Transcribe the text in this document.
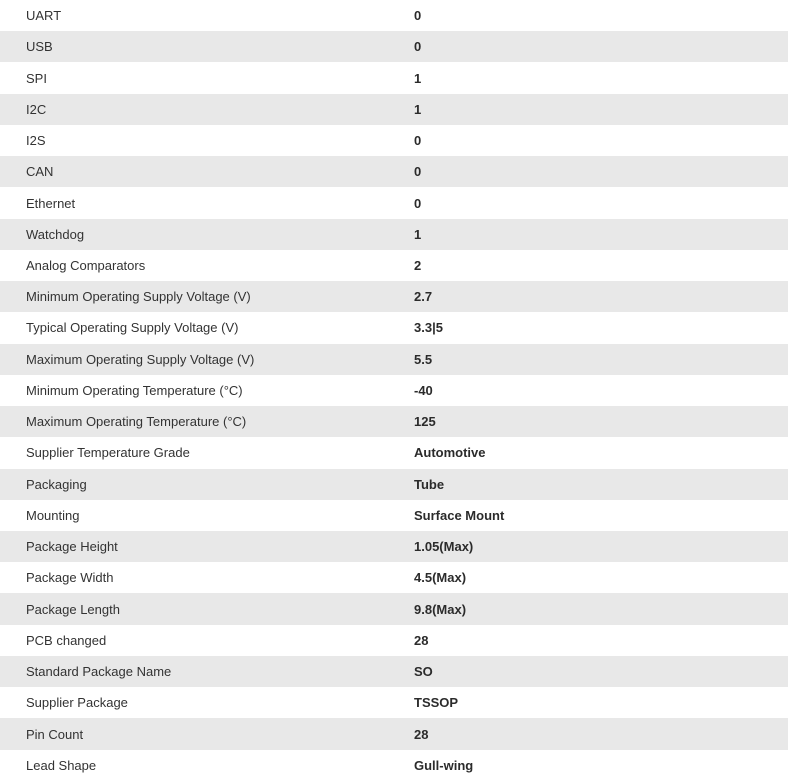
UART	0
USB	0
SPI	1
I2C	1
I2S	0
CAN	0
Ethernet	0
Watchdog	1
Analog Comparators	2
Minimum Operating Supply Voltage (V)	2.7
Typical Operating Supply Voltage (V)	3.3|5
Maximum Operating Supply Voltage (V)	5.5
Minimum Operating Temperature (°C)	-40
Maximum Operating Temperature (°C)	125
Supplier Temperature Grade	Automotive
Packaging	Tube
Mounting	Surface Mount
Package Height	1.05(Max)
Package Width	4.5(Max)
Package Length	9.8(Max)
PCB changed	28
Standard Package Name	SO
Supplier Package	TSSOP
Pin Count	28
Lead Shape	Gull-wing
